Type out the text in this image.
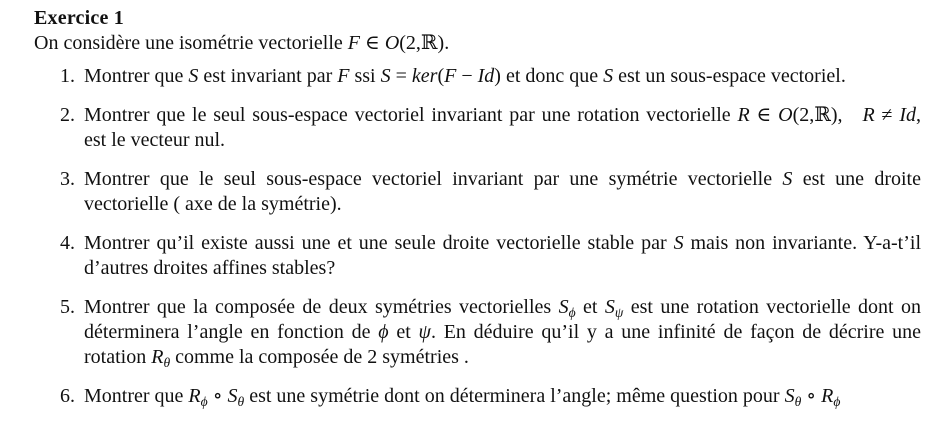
Exercice 1
On considère une isométrie vectorielle F ∈ O(2,ℝ).
1. Montrer que S est invariant par F ssi S = ker(F − Id) et donc que S est un sous-espace vectoriel.
2. Montrer que le seul sous-espace vectoriel invariant par une rotation vectorielle R ∈ O(2,ℝ),  R ≠ Id, est le vecteur nul.
3. Montrer que le seul sous-espace vectoriel invariant par une symétrie vectorielle S est une droite vectorielle ( axe de la symétrie).
4. Montrer qu’il existe aussi une et une seule droite vectorielle stable par S mais non invariante. Y-a-t’il d’autres droites affines stables?
5. Montrer que la composée de deux symétries vectorielles $S_\phi$ et $S_\psi$ est une rotation vectorielle dont on déterminera l’angle en fonction de ϕ et ψ. En déduire qu’il y a une infinité de façon de décrire une rotation $R_\theta$ comme la composée de 2 symétries .
6. Montrer que $R_\phi$ ∘ $S_\theta$ est une symétrie dont on déterminera l’angle; même question pour $S_\theta$ ∘ $R_\phi$
